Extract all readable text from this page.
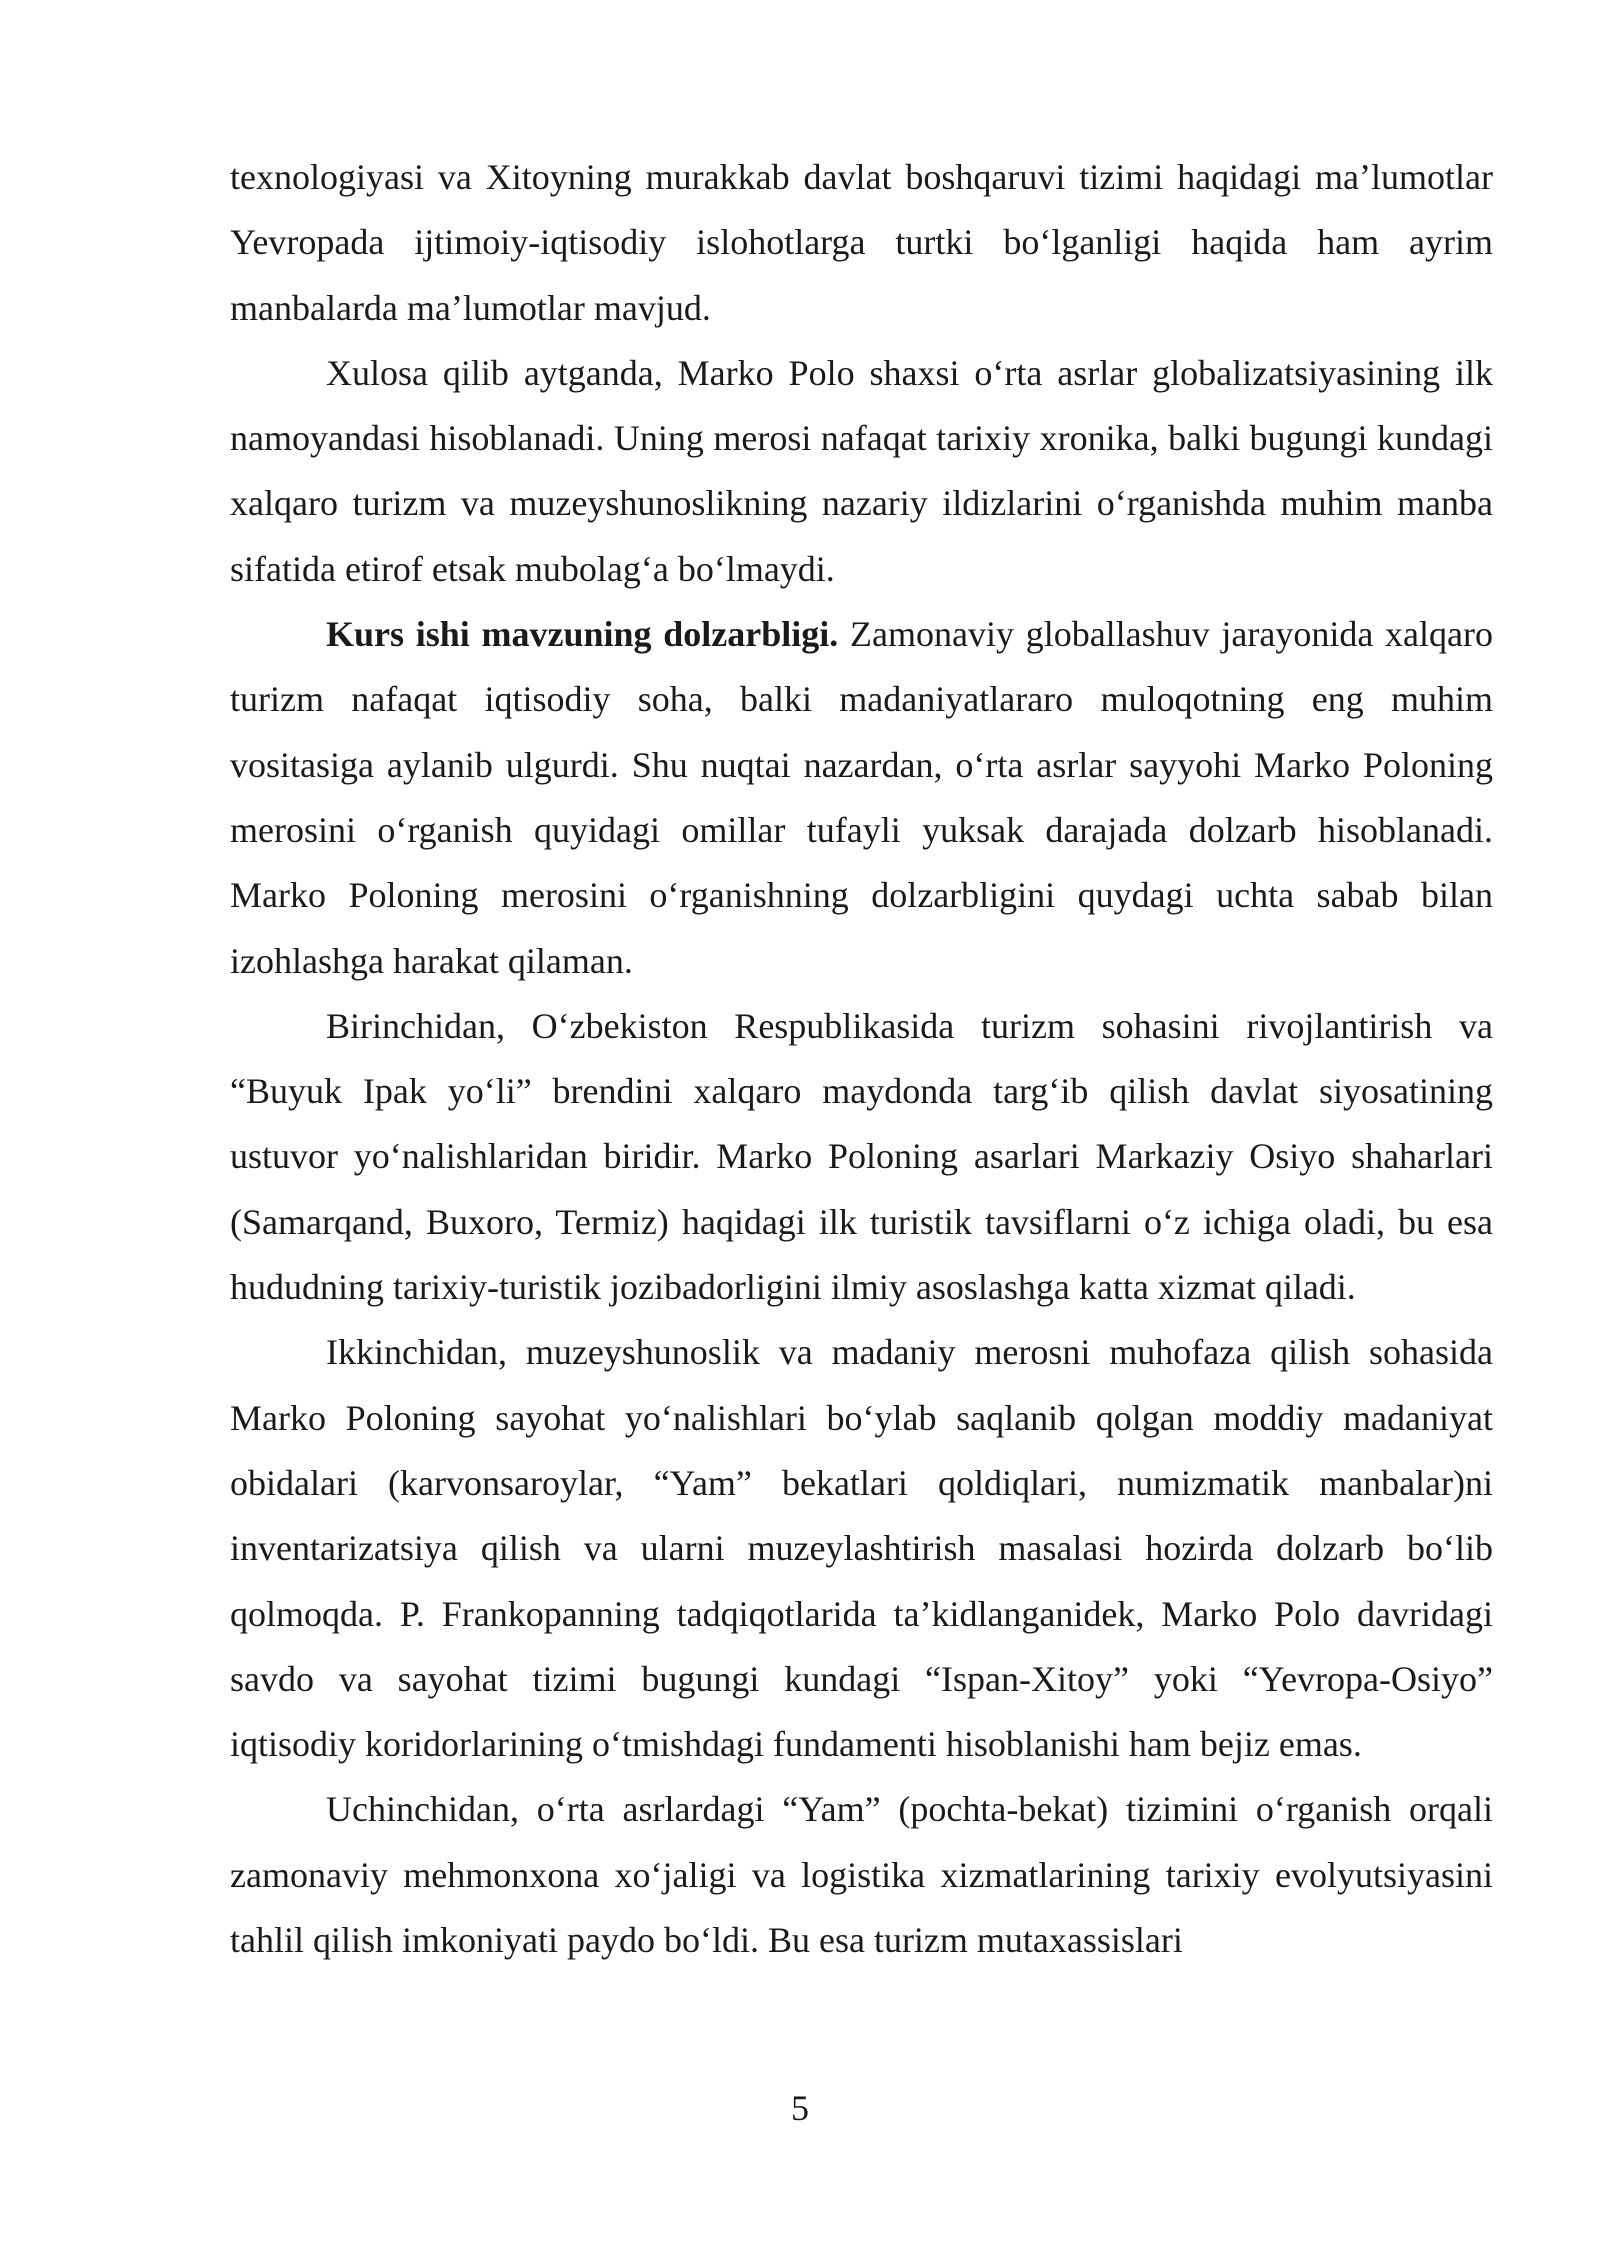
texnologiyasi va Xitoyning murakkab davlat boshqaruvi tizimi haqidagi maʼlumotlar Yevropada ijtimoiy-iqtisodiy islohotlarga turtki boʻlganligi haqida ham ayrim manbalarda maʼlumotlar mavjud.

Xulosa qilib aytganda, Marko Polo shaxsi oʻrta asrlar globalizatsiyasining ilk namoyandasi hisoblanadi. Uning merosi nafaqat tarixiy xronika, balki bugungi kundagi xalqaro turizm va muzeyshunoslikning nazariy ildizlarini oʻrganishda muhim manba sifatida etirof etsak mubolagʻa boʻlmaydi.

Kurs ishi mavzuning dolzarbligi. Zamonaviy globallashuv jarayonida xalqaro turizm nafaqat iqtisodiy soha, balki madaniyatlararo muloqotning eng muhim vositasiga aylanib ulgurdi. Shu nuqtai nazardan, oʻrta asrlar sayyohi Marko Poloning merosini oʻrganish quyidagi omillar tufayli yuksak darajada dolzarb hisoblanadi. Marko Poloning merosini oʻrganishning dolzarbligini quydagi uchta sabab bilan izohlashga harakat qilaman.

Birinchidan, Oʻzbekiston Respublikasida turizm sohasini rivojlantirish va “Buyuk Ipak yoʻli” brendini xalqaro maydonda targʻib qilish davlat siyosatining ustuvor yoʻnalishlaridan biridir. Marko Poloning asarlari Markaziy Osiyo shaharlari (Samarqand, Buxoro, Termiz) haqidagi ilk turistik tavsiflarni oʻz ichiga oladi, bu esa hududning tarixiy-turistik jozibadorligini ilmiy asoslashga katta xizmat qiladi.

Ikkinchidan, muzeyshunoslik va madaniy merosni muhofaza qilish sohasida Marko Poloning sayohat yoʻnalishlari boʻylab saqlanib qolgan moddiy madaniyat obidalari (karvonsaroylar, “Yam” bekatlari qoldiqlari, numizmatik manbalar)ni inventarizatsiya qilish va ularni muzeylashtirish masalasi hozirda dolzarb boʻlib qolmoqda. P. Frankopanning tadqiqotlarida taʼkidlanganidek, Marko Polo davridagi savdo va sayohat tizimi bugungi kundagi “Ispan-Xitoy” yoki “Yevropa-Osiyo” iqtisodiy koridorlarining oʻtmishdagi fundamenti hisoblanishi ham bejiz emas.

Uchinchidan, oʻrta asrlardagi “Yam” (pochta-bekat) tizimini oʻrganish orqali zamonaviy mehmonxona xoʻjaligi va logistika xizmatlarining tarixiy evolyutsiyasini tahlil qilish imkoniyati paydo boʻldi. Bu esa turizm mutaxassislari

5
